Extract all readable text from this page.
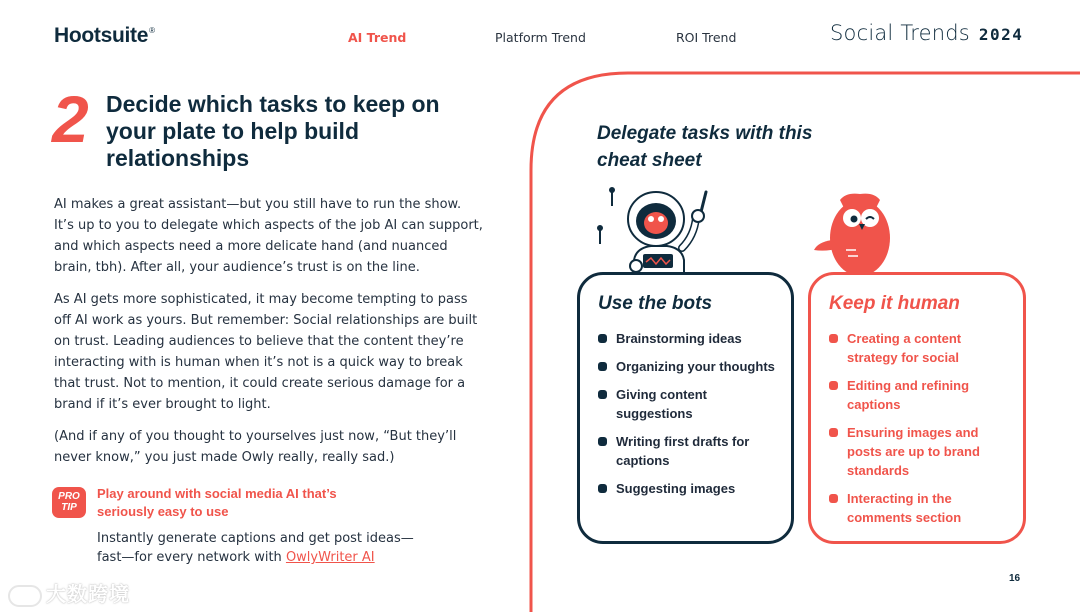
Hootsuite®	AI Trend	Platform Trend	ROI Trend	Social Trends 2024
2 Decide which tasks to keep on your plate to help build relationships

AI makes a great assistant—but you still have to run the show. It’s up to you to delegate which aspects of the job AI can support, and which aspects need a more delicate hand (and nuanced brain, tbh). After all, your audience’s trust is on the line.

As AI gets more sophisticated, it may become tempting to pass off AI work as yours. But remember: Social relationships are built on trust. Leading audiences to believe that the content they’re interacting with is human when it’s not is a quick way to break that trust. Not to mention, it could create serious damage for a brand if it’s ever brought to light.

(And if any of you thought to yourselves just now, “But they’ll never know,” you just made Owly really, really sad.)

PRO
TIP
Play around with social media AI that’s seriously easy to use
Instantly generate captions and get post ideas—fast—for every network with OwlyWriter AI
大数跨境
Delegate tasks with this cheat sheet
Use the bots
Brainstorming ideas
Organizing your thoughts
Giving content suggestions
Writing first drafts for captions
Suggesting images
Keep it human
Creating a content strategy for social
Editing and refining captions
Ensuring images and posts are up to brand standards
Interacting in the comments section
16
